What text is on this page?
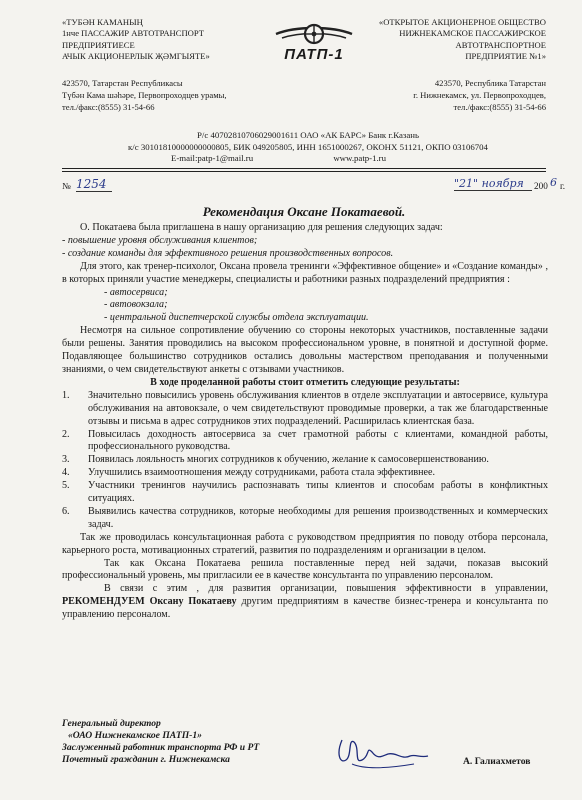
«ТУБӘН КАМАНЫҢ
1нче ПАССАЖИР АВТОТРАНСПОРТ
ПРЕДПРИЯТИЕСЕ
АЧЫК АКЦИОНЕРЛЫК ҖӘМГЫЯТЕ»	ПАТП-1
«ОТКРЫТОЕ АКЦИОНЕРНОЕ ОБЩЕСТВО
НИЖНЕКАМСКОЕ ПАССАЖИРСКОЕ
АВТОТРАНСПОРТНОЕ
ПРЕДПРИЯТИЕ №1»
423570, Татарстан Республикасы
Түбән Кама шәһәре, Первопроходцев урамы,
тел./факс:(8555) 31-54-66
423570, Республика Татарстан
г. Нижнекамск, ул. Первопроходцев,
тел./факс:(8555) 31-54-66
Р/с 40702810706029001611 ОАО «АК БАРС» Банк г.Казань
к/с 30101810000000000805, БИК 049205805, ИНН 1651000267, ОКОНХ 51121, ОКПО 03106704
E-mail:patp-1@mail.ru	www.patp-1.ru
№ 1254	"21" ноября	200 6 г.
Рекомендация Оксане Покатаевой.

О. Покатаева была приглашена в нашу организацию для решения следующих задач:

- повышение уровня обслуживания клиентов;
- создание команды для эффективного решения производственных вопросов.

Для этого, как тренер-психолог, Оксана провела тренинги «Эффективное общение» и «Создание команды» , в которых приняли участие менеджеры, специалисты и работники разных подразделений предприятия :

- автосервиса;
- автовокзала;
- центральной диспетчерской службы отдела эксплуатации.

Несмотря на сильное сопротивление обучению со стороны некоторых участников, поставленные задачи были решены. Занятия проводились на высоком профессиональном уровне, в понятной и доступной форме. Подавляющее большинство сотрудников остались довольны мастерством преподавания и полученными знаниями, о чем свидетельствуют анкеты с отзывами участников.

В ходе проделанной работы стоит отметить следующие результаты:
1. Значительно повысились уровень обслуживания клиентов в отделе эксплуатации и автосервисе, культура обслуживания на автовокзале, о чем свидетельствуют проводимые проверки, а так же благодарственные отзывы и письма в адрес сотрудников этих подразделений. Расширилась клиентская база.
2. Повысилась доходность автосервиса за счет грамотной работы с клиентами, командной работы, профессионального руководства.
3. Появилась лояльность многих сотрудников к обучению, желание к самосовершенствованию.
4. Улучшились взаимоотношения между сотрудниками, работа стала эффективнее.
5. Участники тренингов научились распознавать типы клиентов и способам работы в конфликтных ситуациях.
6. Выявились качества сотрудников, которые необходимы для решения производственных и коммерческих задач.

Так же проводилась консультационная работа с руководством предприятия по поводу отбора персонала, карьерного роста, мотивационных стратегий, развития по подразделениям и организации в целом.

Так как Оксана Покатаева решила поставленные перед ней задачи, показав высокий профессиональный уровень, мы пригласили ее в качестве консультанта по управлению персоналом.

В связи с этим , для развития организации, повышения эффективности в управлении, РЕКОМЕНДУЕМ Оксану Покатаеву другим предприятиям в качестве бизнес-тренера и консультанта по управлению персоналом.

Генеральный директор
«ОАО Нижнекамское ПАТП-1»
Заслуженный работник транспорта РФ и РТ
Почетный гражданин г. Нижнекамска	А. Галиахметов
